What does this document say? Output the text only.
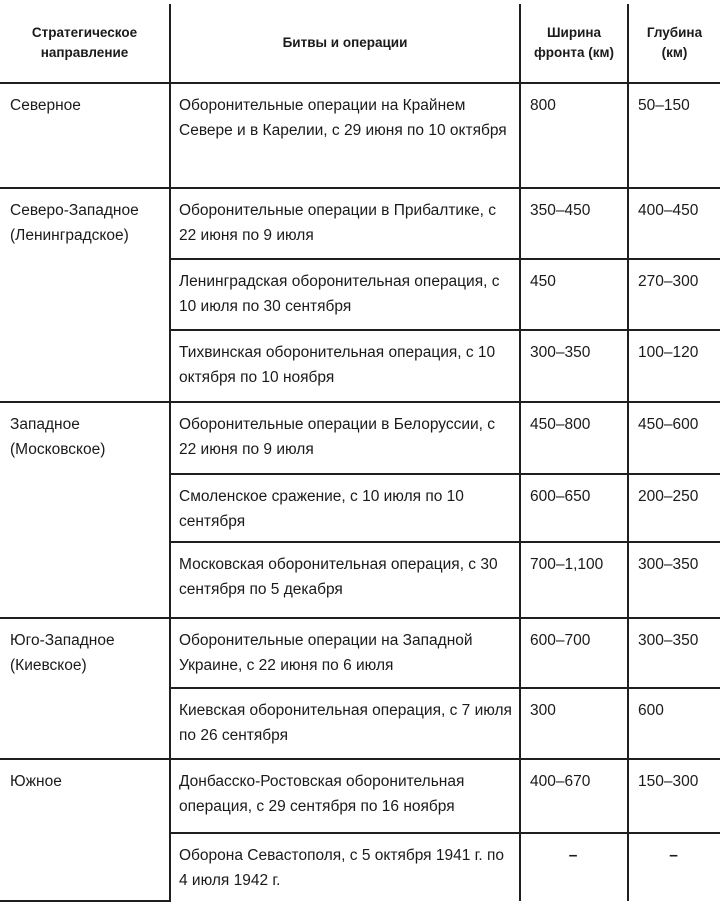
Стратегическое направление	Битвы и операции	Ширина фронта (км)	Глубина (км)
Северное	Оборонительные операции на Крайнем Севере и в Карелии, с 29 июня по 10 октября	800	50–150
Северо-Западное (Ленинградское)	Оборонительные операции в Прибалтике, с 22 июня по 9 июля	350–450	400–450
	Ленинградская оборонительная операция, с 10 июля по 30 сентября	450	270–300
	Тихвинская оборонительная операция, с 10 октября по 10 ноября	300–350	100–120
Западное (Московское)	Оборонительные операции в Белоруссии, с 22 июня по 9 июля	450–800	450–600
	Смоленское сражение, с 10 июля по 10 сентября	600–650	200–250
	Московская оборонительная операция, с 30 сентября по 5 декабря	700–1,100	300–350
Юго-Западное (Киевское)	Оборонительные операции на Западной Украине, с 22 июня по 6 июля	600–700	300–350
	Киевская оборонительная операция, с 7 июля по 26 сентября	300	600
Южное	Донбасско-Ростовская оборонительная операция, с 29 сентября по 16 ноября	400–670	150–300
	Оборона Севастополя, с 5 октября 1941 г. по 4 июля 1942 г.	–	–
